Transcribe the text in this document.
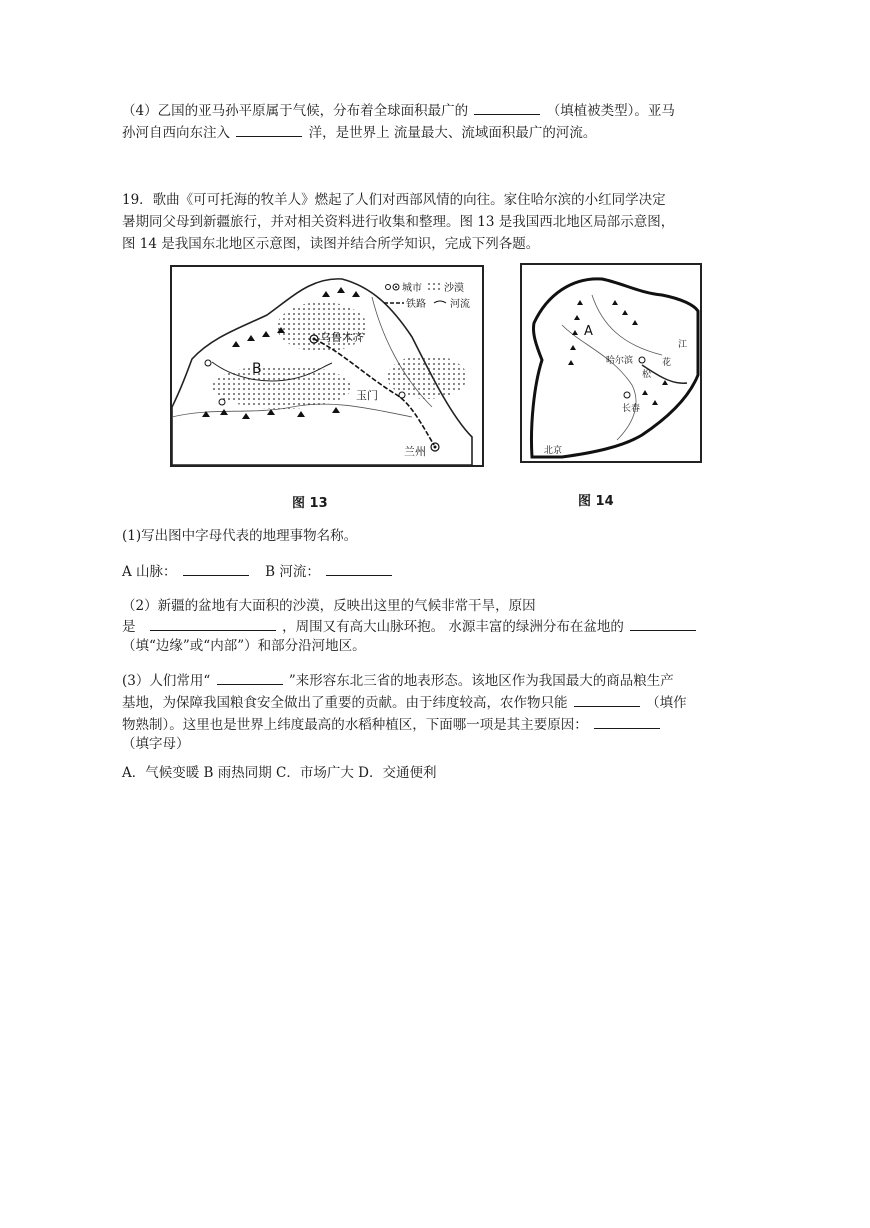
（4）乙国的亚马孙平原属于气候，分布着全球面积最广的	（填植被类型）。亚马
孙河自西向东注入	洋，是世界上 流量最大、流域面积最广的河流。
19．歌曲《可可托海的牧羊人》燃起了人们对西部风情的向往。家住哈尔滨的小红同学决定
暑期同父母到新疆旅行，并对相关资料进行收集和整理。图 13 是我国西北地区局部示意图，
图 14 是我国东北地区示意图，读图并结合所学知识，完成下列各题。
城市 沙漠
铁路 河流
乌鲁木齐
B
玉门
兰州
图 13
A
哈尔滨
长春
松
花
江
北京
图 14
(1)写出图中字母代表的地理事物名称。
A 山脉：	B 河流：
（2）新疆的盆地有大面积的沙漠，反映出这里的气候非常干旱，原因
是	，周围又有高大山脉环抱。 水源丰富的绿洲分布在盆地的
（填“边缘”或“内部”）和部分沿河地区。
(3）人们常用“	”来形容东北三省的地表形态。该地区作为我国最大的商品粮生产
基地，为保障我国粮食安全做出了重要的贡献。由于纬度较高，农作物只能	（填作
物熟制）。这里也是世界上纬度最高的水稻种植区，下面哪一项是其主要原因：
（填字母）
A．气候变暖 B 雨热同期 C．市场广大 D．交通便利
